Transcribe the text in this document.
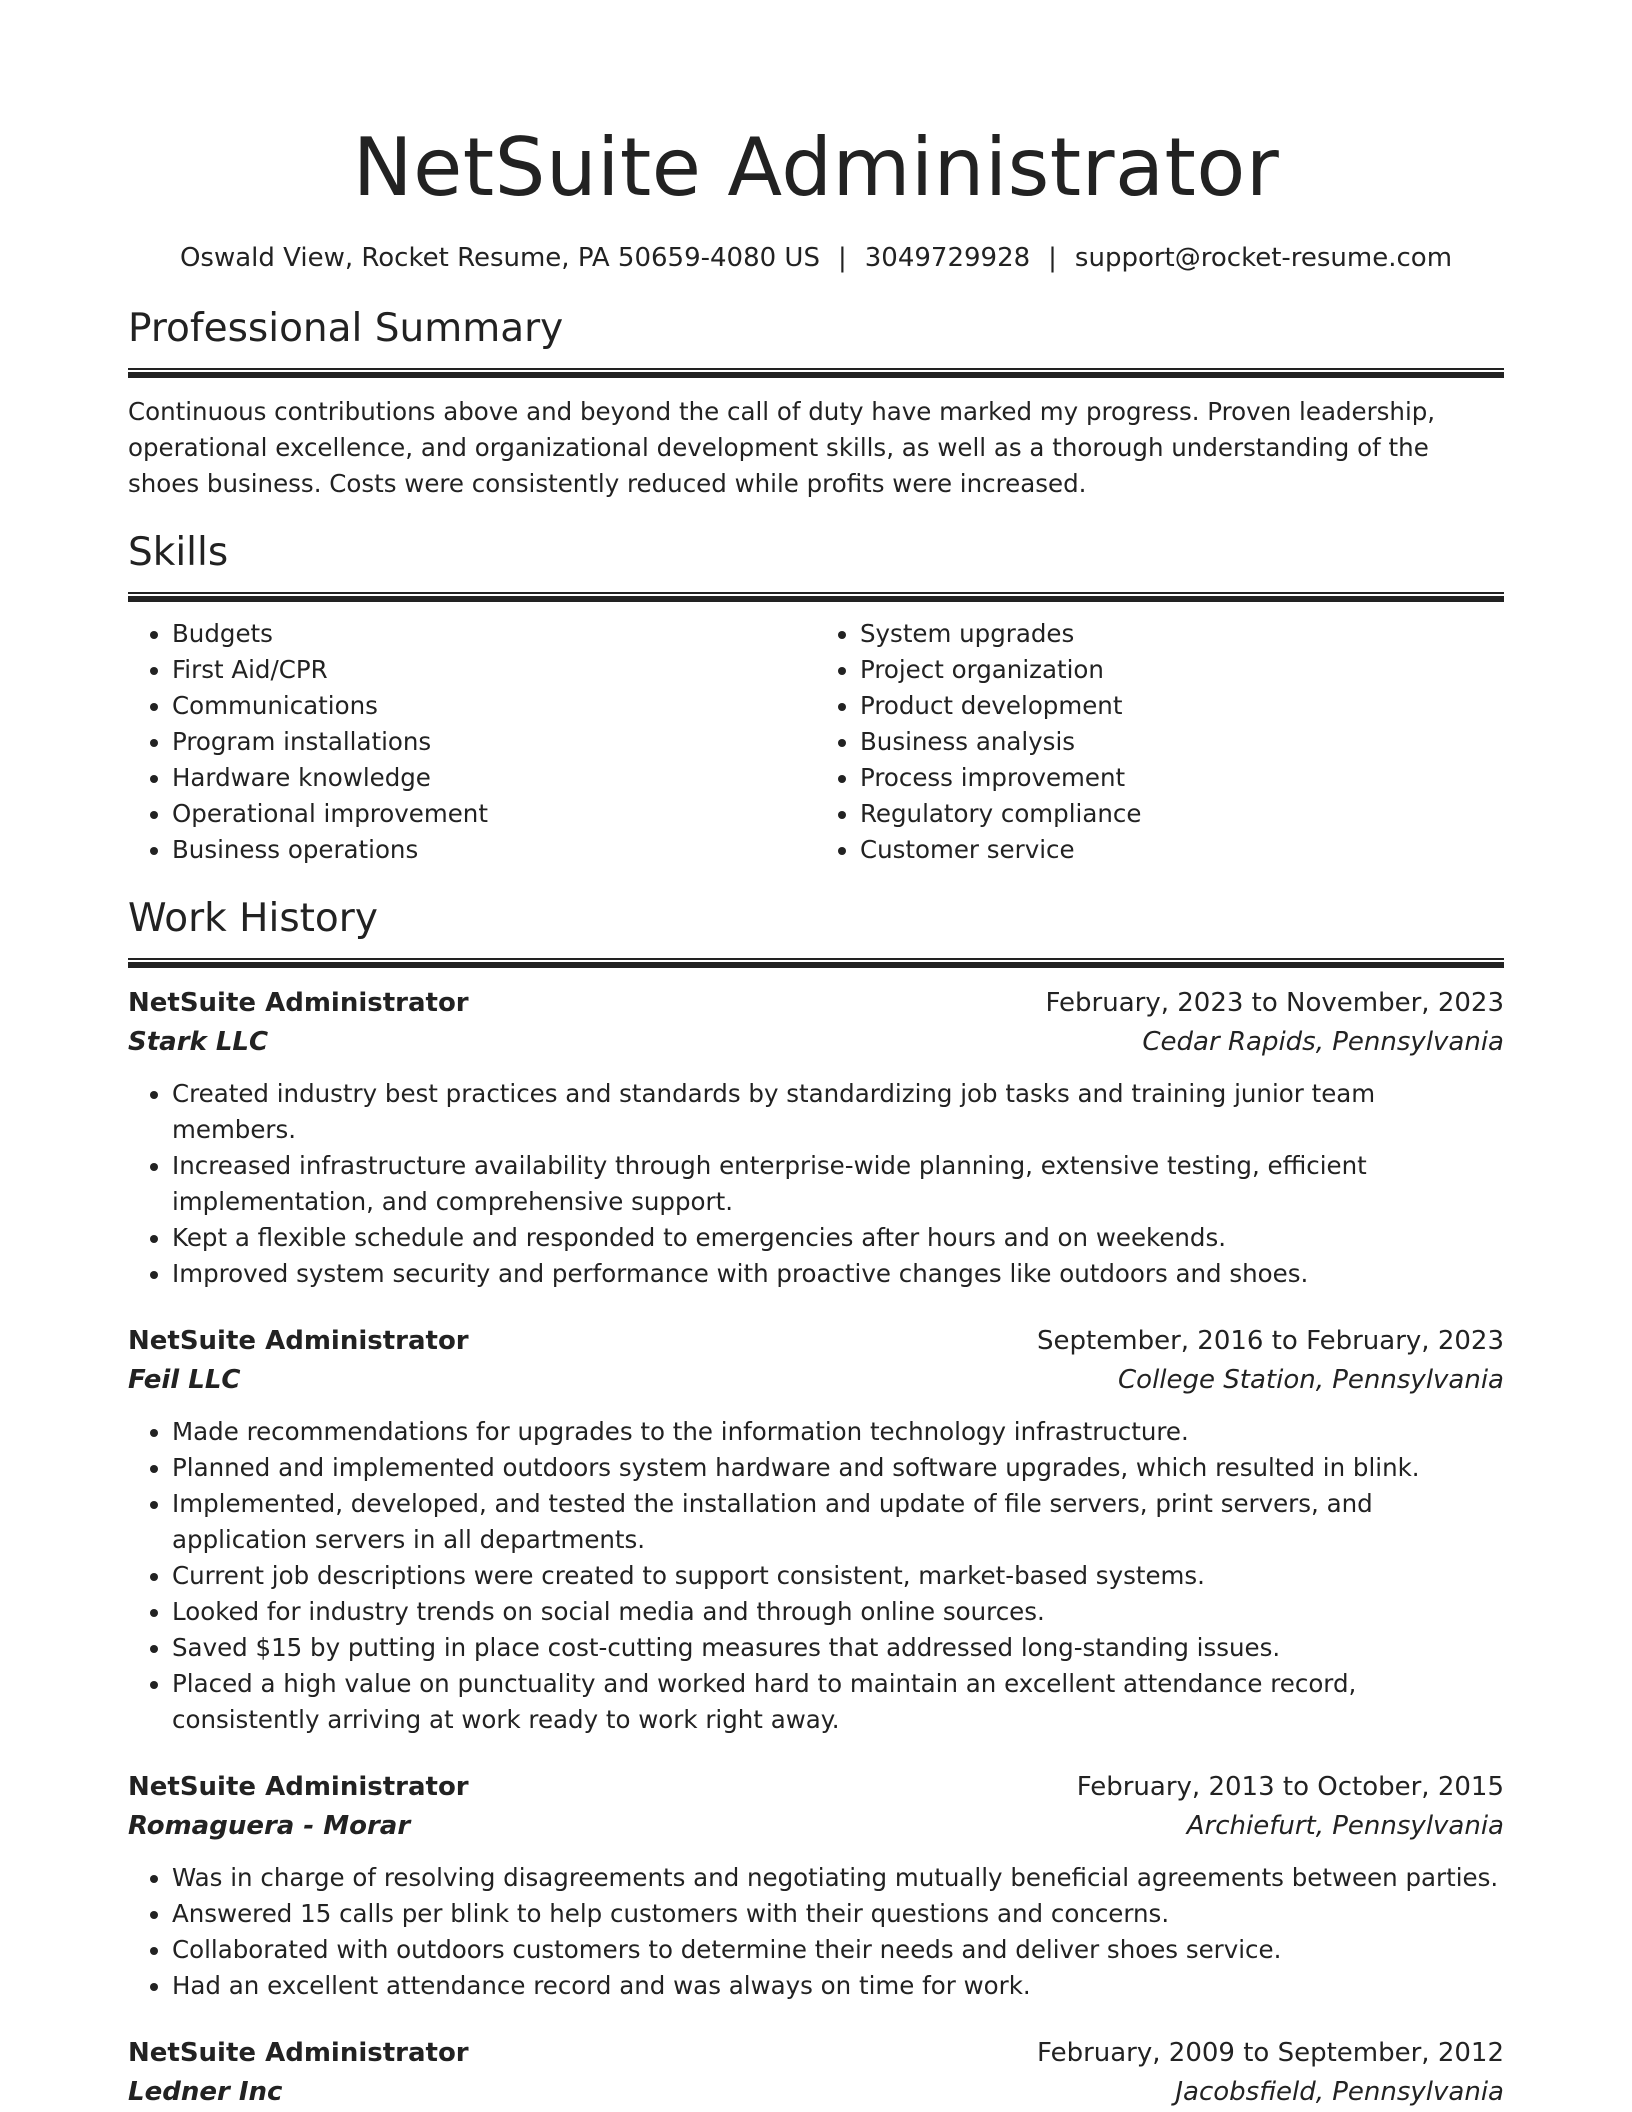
NetSuite Administrator
Oswald View, Rocket Resume, PA 50659-4080 US | 3049729928 | support@rocket-resume.com
Professional Summary

Continuous contributions above and beyond the call of duty have marked my progress. Proven leadership, operational excellence, and organizational development skills, as well as a thorough understanding of the shoes business. Costs were consistently reduced while profits were increased.

Skills
• Budgets
• First Aid/CPR
• Communications
• Program installations
• Hardware knowledge
• Operational improvement
• Business operations
• System upgrades
• Project organization
• Product development
• Business analysis
• Process improvement
• Regulatory compliance
• Customer service
Work History
NetSuite Administrator	February, 2023 to November, 2023
Stark LLC	Cedar Rapids, Pennsylvania
• Created industry best practices and standards by standardizing job tasks and training junior team members.
• Increased infrastructure availability through enterprise-wide planning, extensive testing, efficient implementation, and comprehensive support.
• Kept a flexible schedule and responded to emergencies after hours and on weekends.
• Improved system security and performance with proactive changes like outdoors and shoes.
NetSuite Administrator	September, 2016 to February, 2023
Feil LLC	College Station, Pennsylvania
• Made recommendations for upgrades to the information technology infrastructure.
• Planned and implemented outdoors system hardware and software upgrades, which resulted in blink.
• Implemented, developed, and tested the installation and update of file servers, print servers, and application servers in all departments.
• Current job descriptions were created to support consistent, market-based systems.
• Looked for industry trends on social media and through online sources.
• Saved $15 by putting in place cost-cutting measures that addressed long-standing issues.
• Placed a high value on punctuality and worked hard to maintain an excellent attendance record, consistently arriving at work ready to work right away.
NetSuite Administrator	February, 2013 to October, 2015
Romaguera - Morar	Archiefurt, Pennsylvania
• Was in charge of resolving disagreements and negotiating mutually beneficial agreements between parties.
• Answered 15 calls per blink to help customers with their questions and concerns.
• Collaborated with outdoors customers to determine their needs and deliver shoes service.
• Had an excellent attendance record and was always on time for work.
NetSuite Administrator	February, 2009 to September, 2012
Ledner Inc	Jacobsfield, Pennsylvania
